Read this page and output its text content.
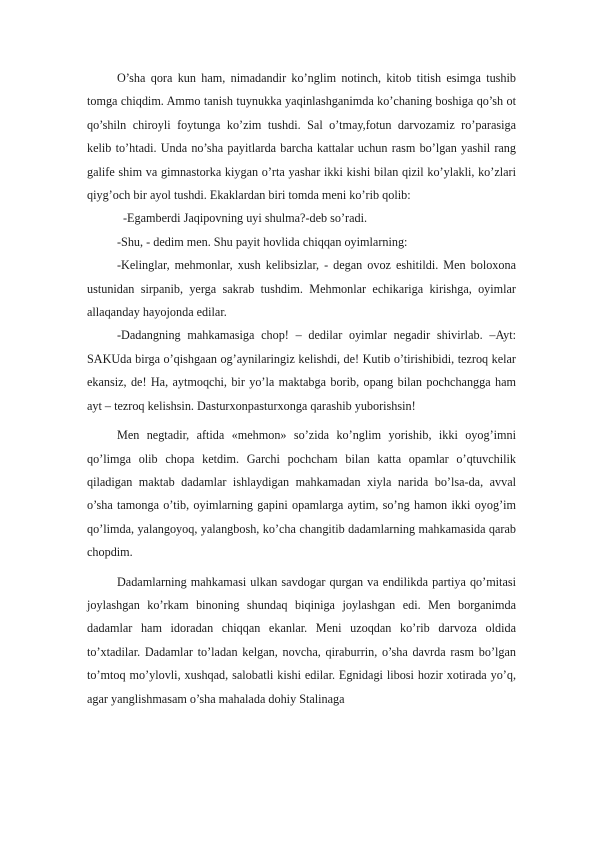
O’sha qora kun ham, nimadandir ko’nglim notinch, kitob titish esimga tushib tomga chiqdim. Ammo tanish tuynukka yaqinlashganimda ko’chaning boshiga qo’sh ot qo’shiln chiroyli foytunga ko’zim tushdi. Sal o’tmay,fotun darvozamiz ro’parasiga kelib to’htadi. Unda no’sha payitlarda barcha kattalar uchun rasm bo’lgan yashil rang galife shim va gimnastorka kiygan o’rta yashar ikki kishi bilan qizil ko’ylakli, ko’zlari qiyg’och bir ayol tushdi. Ekaklardan biri tomda meni ko’rib qolib:

-Egamberdi Jaqipovning uyi shulma?-deb so’radi.

-Shu, - dedim men. Shu payit hovlida chiqqan oyimlarning:

-Kelinglar, mehmonlar, xush kelibsizlar, - degan ovoz eshitildi. Men boloxona ustunidan sirpanib, yerga sakrab tushdim. Mehmonlar echikariga kirishga, oyimlar allaqanday hayojonda edilar.

-Dadangning mahkamasiga chop! – dedilar oyimlar negadir shivirlab. –Ayt: SAKUda birga o’qishgaan og’aynilaringiz kelishdi, de! Kutib o’tirishibidi, tezroq kelar ekansiz, de! Ha, aytmoqchi, bir yo’la maktabga borib, opang bilan pochchangga ham ayt – tezroq kelishsin. Dasturxonpasturxonga qarashib yuborishsin!

Men negtadir, aftida «mehmon» so’zida ko’nglim yorishib, ikki oyog’imni qo’limga olib chopa ketdim. Garchi pochcham bilan katta opamlar o’qtuvchilik qiladigan maktab dadamlar ishlaydigan mahkamadan xiyla narida bo’lsa-da, avval o’sha tamonga o’tib, oyimlarning gapini opamlarga aytim, so’ng hamon ikki oyog’im qo’limda, yalangoyoq, yalangbosh, ko’cha changitib dadamlarning mahkamasida qarab chopdim.

Dadamlarning mahkamasi ulkan savdogar qurgan va endilikda partiya qo’mitasi joylashgan ko’rkam binoning shundaq biqiniga joylashgan edi. Men borganimda dadamlar ham idoradan chiqqan ekanlar. Meni uzoqdan ko’rib darvoza oldida to’xtadilar. Dadamlar to’ladan kelgan, novcha, qiraburrin, o’sha davrda rasm bo’lgan to’mtoq mo’ylovli, xushqad, salobatli kishi edilar. Egnidagi libosi hozir xotirada yo’q, agar yanglishmasam o’sha mahalada dohiy Stalinaga
